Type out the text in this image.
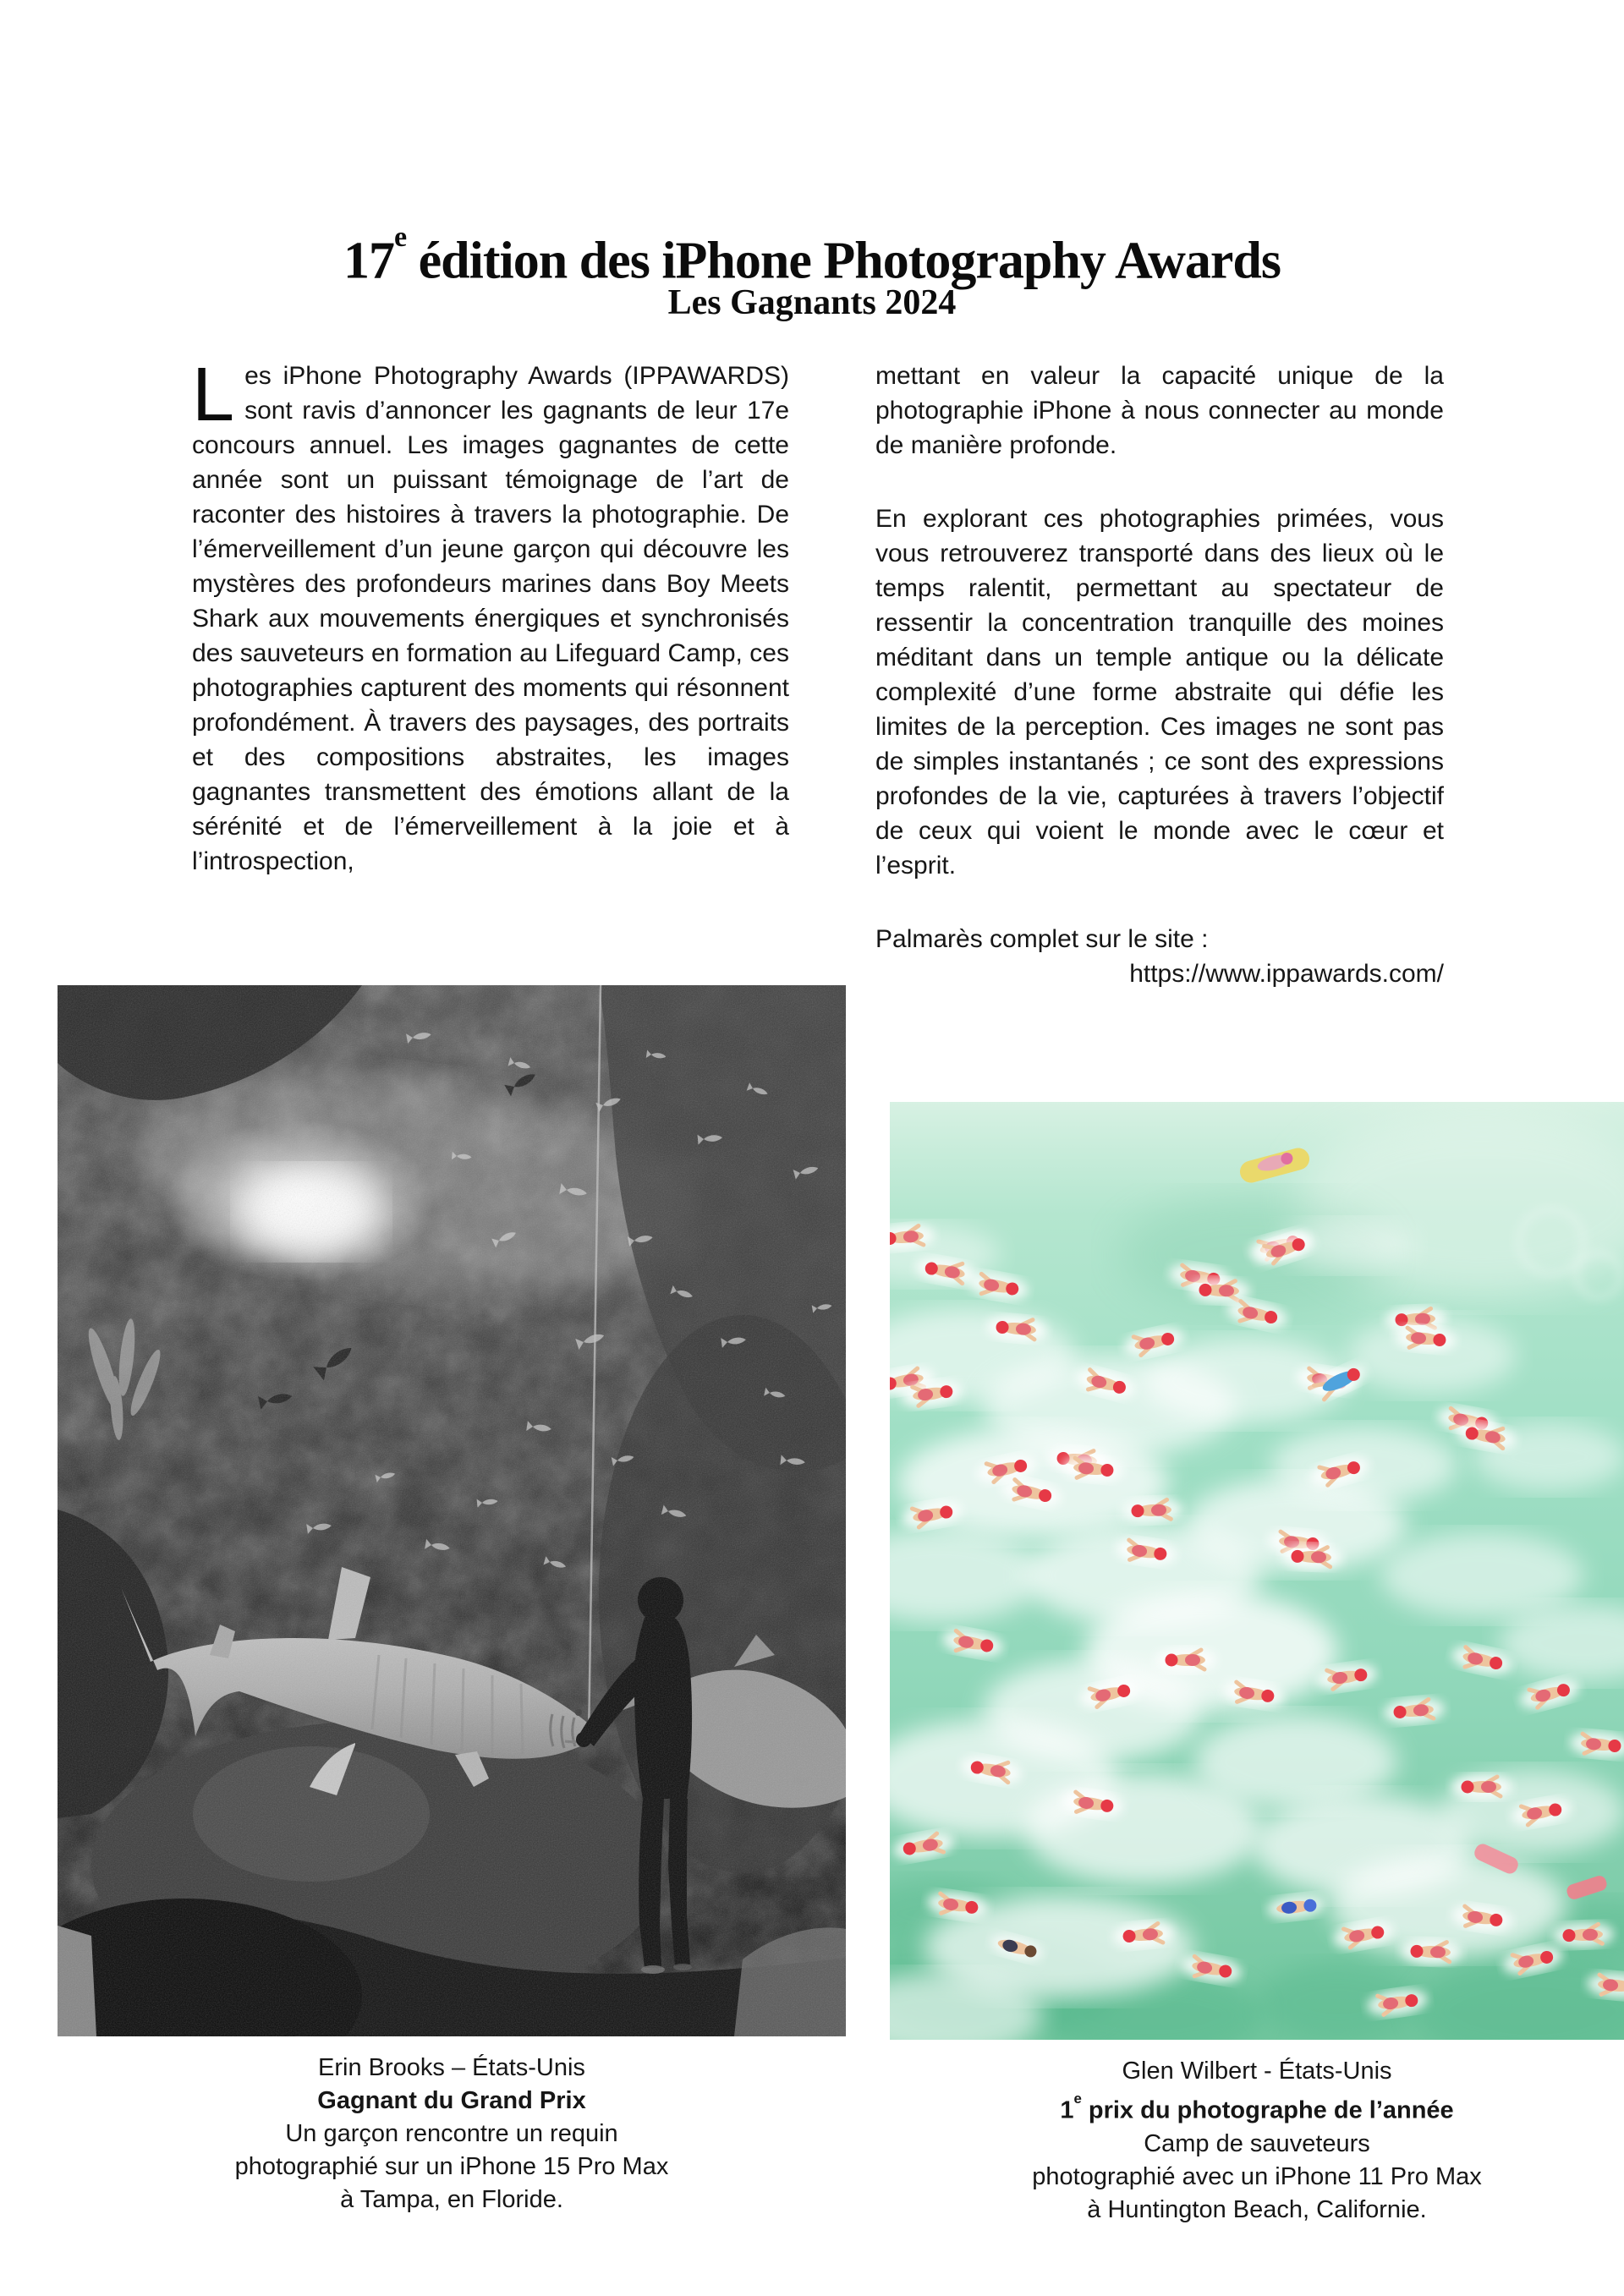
17e édition des iPhone Photography Awards
Les Gagnants 2024

Les iPhone Photography Awards (IPPAWARDS) sont ravis d’annoncer les gagnants de leur 17e concours annuel. Les images gagnantes de cette année sont un puissant témoignage de l’art de raconter des histoires à travers la photographie. De l’émerveillement d’un jeune garçon qui découvre les mystères des profondeurs marines dans Boy Meets Shark aux mouvements énergiques et synchronisés des sauveteurs en formation au Lifeguard Camp, ces photographies capturent des moments qui résonnent profondément. À travers des paysages, des portraits et des compositions abstraites, les images gagnantes transmettent des émotions allant de la sérénité et de l’émerveillement à la joie et à l’introspection,

mettant en valeur la capacité unique de la photographie iPhone à nous connecter au monde de manière profonde.

En explorant ces photographies primées, vous vous retrouverez transporté dans des lieux où le temps ralentit, permettant au spectateur de ressentir la concentration tranquille des moines méditant dans un temple antique ou la délicate complexité d’une forme abstraite qui défie les limites de la perception. Ces images ne sont pas de simples instantanés ; ce sont des expressions profondes de la vie, capturées à travers l’objectif de ceux qui voient le monde avec le cœur et l’esprit.

Palmarès complet sur le site :

https://www.ippawards.com/

Erin Brooks – États-Unis
Gagnant du Grand Prix
Un garçon rencontre un requin
photographié sur un iPhone 15 Pro Max
à Tampa, en Floride.
Glen Wilbert - États-Unis
1e prix du photographe de l’année
Camp de sauveteurs
photographié avec un iPhone 11 Pro Max
à Huntington Beach, Californie.
